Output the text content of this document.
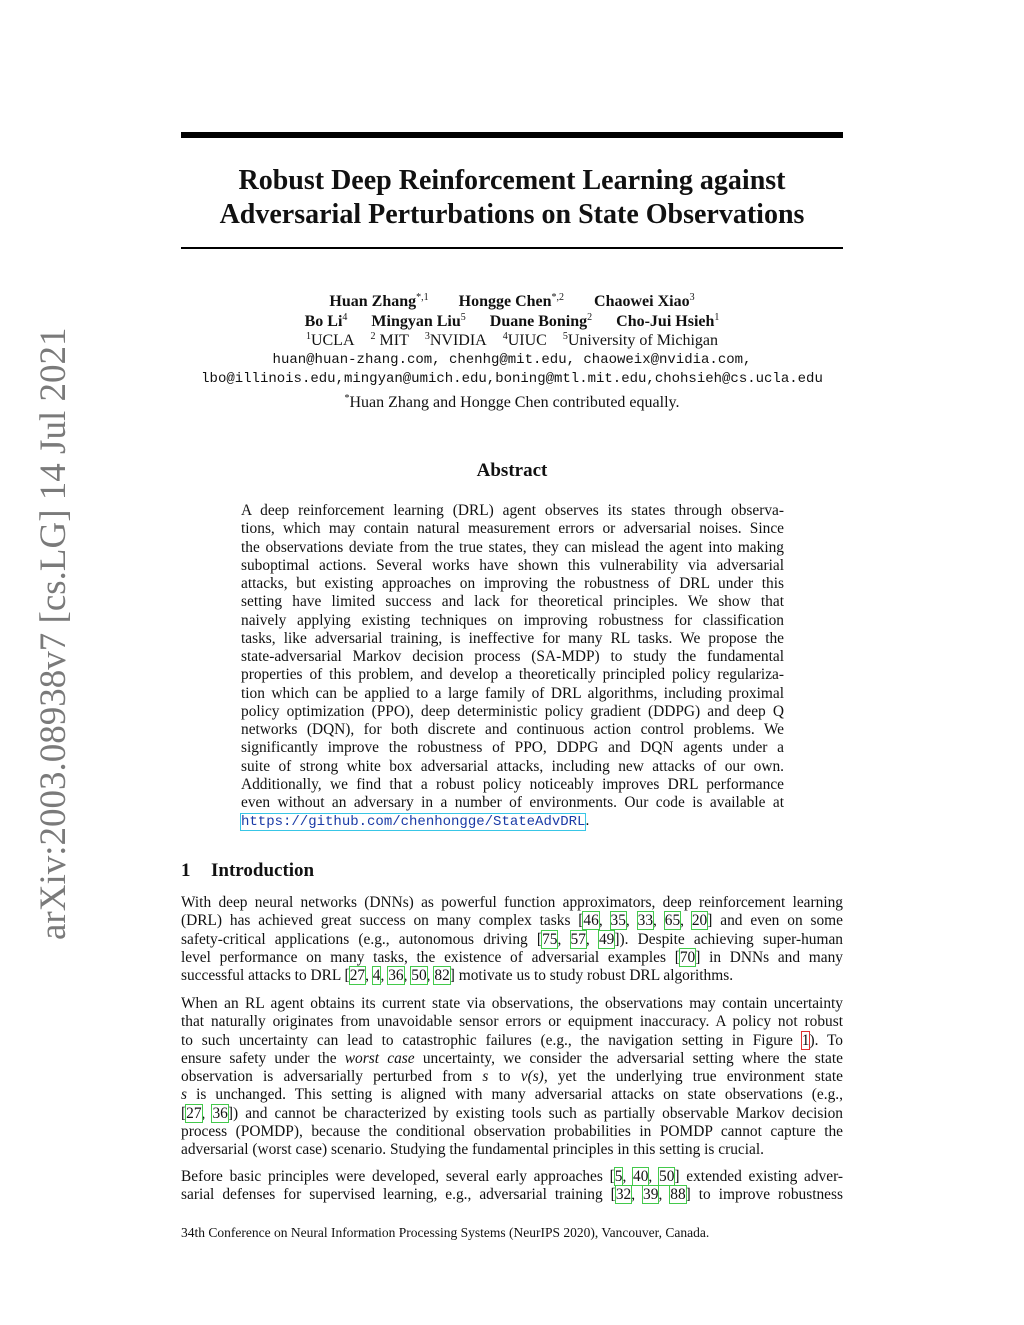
arXiv:2003.08938v7 [cs.LG] 14 Jul 2021
Robust Deep Reinforcement Learning against
Adversarial Perturbations on State Observations
Huan Zhang$^{*,1}$ Hongge Chen$^{*,2}$ Chaowei Xiao$^3$
Bo Li$^4$ Mingyan Liu$^5$ Duane Boning$^2$ Cho-Jui Hsieh$^1$
$^1$UCLA $^2$ MIT $^3$NVIDIA $^4$UIUC $^5$University of Michigan
huan@huan-zhang.com, chenhg@mit.edu, chaoweix@nvidia.com,
lbo@illinois.edu,mingyan@umich.edu,boning@mtl.mit.edu,chohsieh@cs.ucla.edu
*Huan Zhang and Hongge Chen contributed equally.
Abstract
A deep reinforcement learning (DRL) agent observes its states through observa-
tions, which may contain natural measurement errors or adversarial noises. Since
the observations deviate from the true states, they can mislead the agent into making
suboptimal actions. Several works have shown this vulnerability via adversarial
attacks, but existing approaches on improving the robustness of DRL under this
setting have limited success and lack for theoretical principles. We show that
naively applying existing techniques on improving robustness for classification
tasks, like adversarial training, is ineffective for many RL tasks. We propose the
state-adversarial Markov decision process (SA-MDP) to study the fundamental
properties of this problem, and develop a theoretically principled policy regulariza-
tion which can be applied to a large family of DRL algorithms, including proximal
policy optimization (PPO), deep deterministic policy gradient (DDPG) and deep Q
networks (DQN), for both discrete and continuous action control problems. We
significantly improve the robustness of PPO, DDPG and DQN agents under a
suite of strong white box adversarial attacks, including new attacks of our own.
Additionally, we find that a robust policy noticeably improves DRL performance
even without an adversary in a number of environments. Our code is available at
https://github.com/chenhongge/StateAdvDRL.
1 Introduction
With deep neural networks (DNNs) as powerful function approximators, deep reinforcement learning
(DRL) has achieved great success on many complex tasks [46, 35, 33, 65, 20] and even on some
safety-critical applications (e.g., autonomous driving [75, 57, 49]). Despite achieving super-human
level performance on many tasks, the existence of adversarial examples [70] in DNNs and many
successful attacks to DRL [27, 4, 36, 50, 82] motivate us to study robust DRL algorithms.
When an RL agent obtains its current state via observations, the observations may contain uncertainty
that naturally originates from unavoidable sensor errors or equipment inaccuracy. A policy not robust
to such uncertainty can lead to catastrophic failures (e.g., the navigation setting in Figure 1). To
ensure safety under the worst case uncertainty, we consider the adversarial setting where the state
observation is adversarially perturbed from s to ν(s), yet the underlying true environment state
s is unchanged. This setting is aligned with many adversarial attacks on state observations (e.g.,
[27, 36]) and cannot be characterized by existing tools such as partially observable Markov decision
process (POMDP), because the conditional observation probabilities in POMDP cannot capture the
adversarial (worst case) scenario. Studying the fundamental principles in this setting is crucial.
Before basic principles were developed, several early approaches [5, 40, 50] extended existing adver-
sarial defenses for supervised learning, e.g., adversarial training [32, 39, 88] to improve robustness
34th Conference on Neural Information Processing Systems (NeurIPS 2020), Vancouver, Canada.
